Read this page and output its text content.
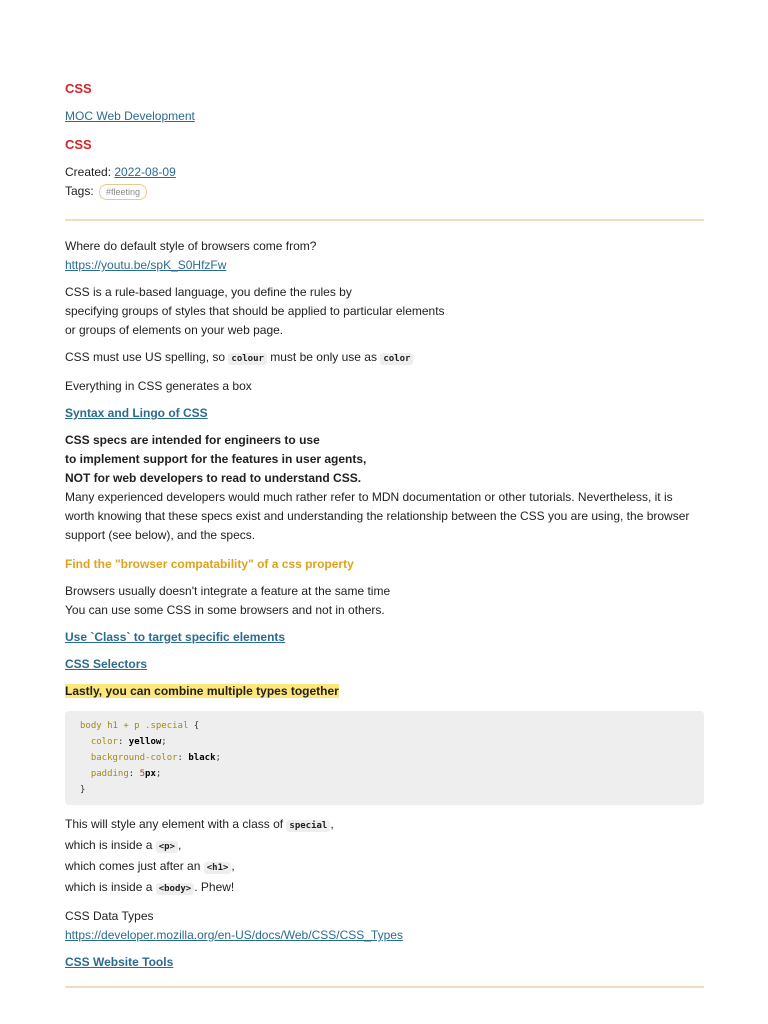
CSS
MOC Web Development
CSS
Created: 2022-08-09
Tags: #fleeting

Where do default style of browsers come from?
https://youtu.be/spK_S0HfzFw

CSS is a rule-based language, you define the rules by
specifying groups of styles that should be applied to particular elements
or groups of elements on your web page.

CSS must use US spelling, so colour must be only use as color

Everything in CSS generates a box

Syntax and Lingo of CSS

CSS specs are intended for engineers to use
to implement support for the features in user agents,
NOT for web developers to read to understand CSS.
Many experienced developers would much rather refer to MDN documentation or other tutorials. Nevertheless, it is worth knowing that these specs exist and understanding the relationship between the CSS you are using, the browser support (see below), and the specs.

Find the "browser compatability" of a css property

Browsers usually doesn't integrate a feature at the same time
You can use some CSS in some browsers and not in others.

Use `Class` to target specific elements
CSS Selectors

Lastly, you can combine multiple types together

body h1 + p .special {
color: yellow;
background-color: black;
padding: 5px;
}

This will style any element with a class of special ,
which is inside a <p> ,
which comes just after an <h1> ,
which is inside a <body> . Phew!

CSS Data Types
https://developer.mozilla.org/en-US/docs/Web/CSS/CSS_Types

CSS Website Tools
